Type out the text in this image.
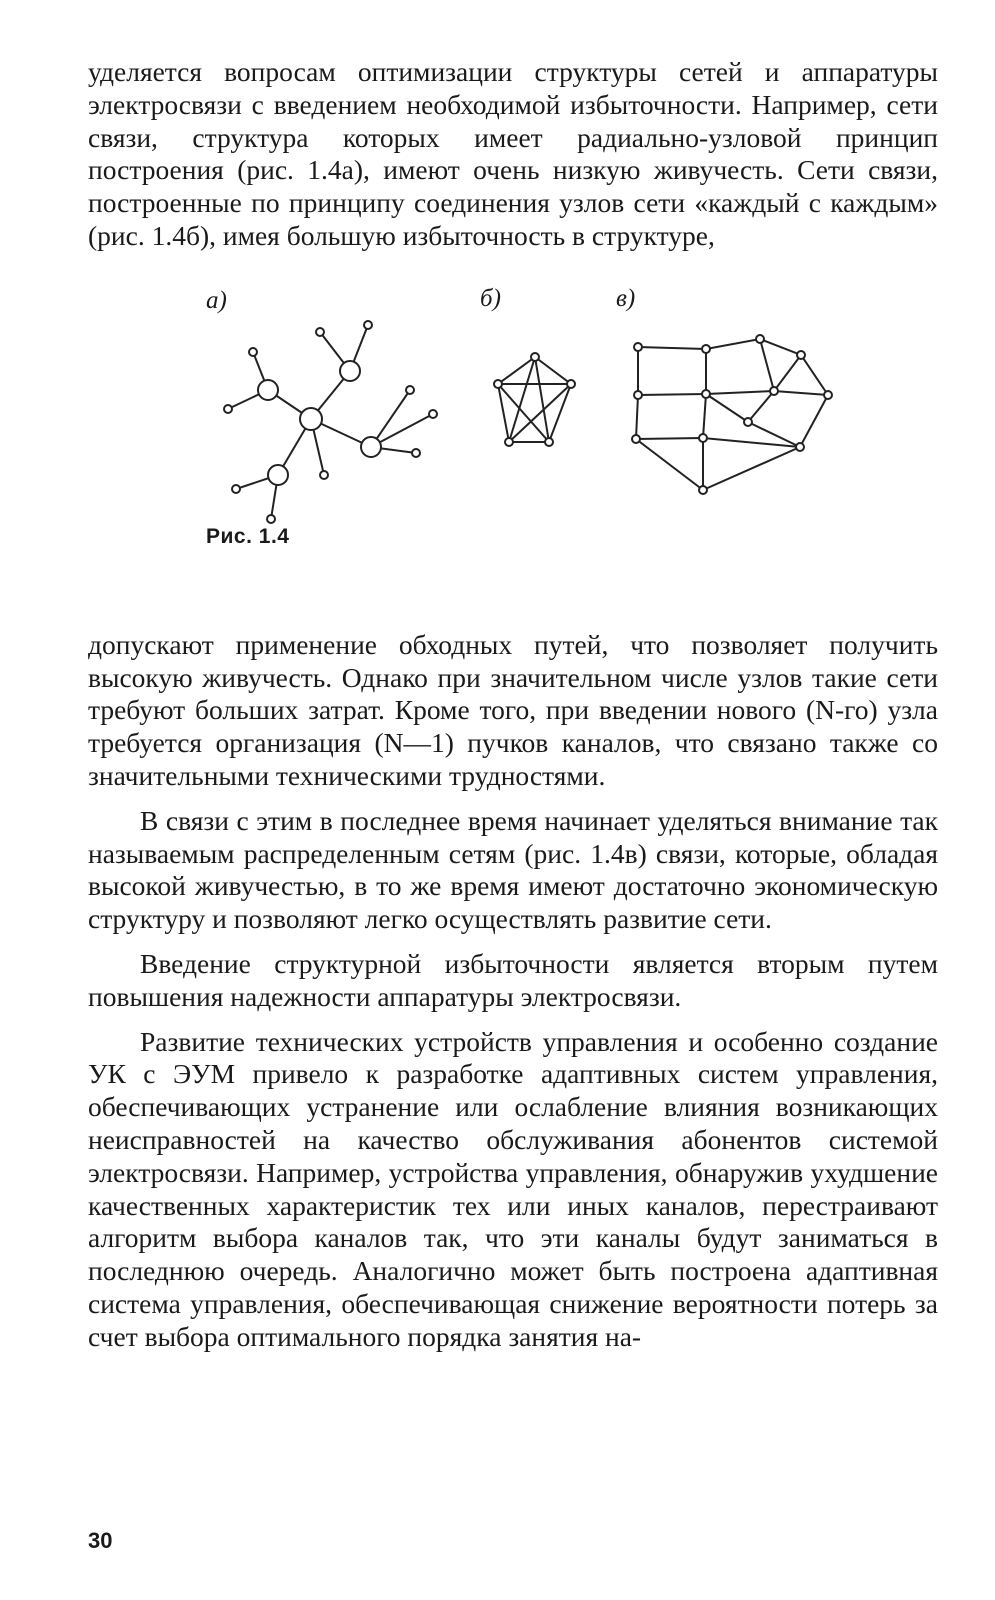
уделяется вопросам оптимизации структуры сетей и аппаратуры электросвязи с введением необходимой избыточности. Например, сети связи, структура которых имеет радиально-узловой принцип построения (рис. 1.4а), имеют очень низкую живучесть. Сети связи, построенные по принципу соединения узлов сети «каждый с каждым» (рис. 1.4б), имея большую избыточность в структуре,

а)	б)	в)
Рис. 1.4

допускают применение обходных путей, что позволяет получить высокую живучесть. Однако при значительном числе узлов такие сети требуют больших затрат. Кроме того, при введении нового (N-го) узла требуется организация (N—1) пучков каналов, что связано также со значительными техническими трудностями.

В связи с этим в последнее время начинает уделяться внимание так называемым распределенным сетям (рис. 1.4в) связи, которые, обладая высокой живучестью, в то же время имеют достаточно экономическую структуру и позволяют легко осуществлять развитие сети.

Введение структурной избыточности является вторым путем повышения надежности аппаратуры электросвязи.

Развитие технических устройств управления и особенно создание УК с ЭУМ привело к разработке адаптивных систем управления, обеспечивающих устранение или ослабление влияния возникающих неисправностей на качество обслуживания абонентов системой электросвязи. Например, устройства управления, обнаружив ухудшение качественных характеристик тех или иных каналов, перестраивают алгоритм выбора каналов так, что эти каналы будут заниматься в последнюю очередь. Аналогично может быть построена адаптивная система управления, обеспечивающая снижение вероятности потерь за счет выбора оптимального порядка занятия на-

30
